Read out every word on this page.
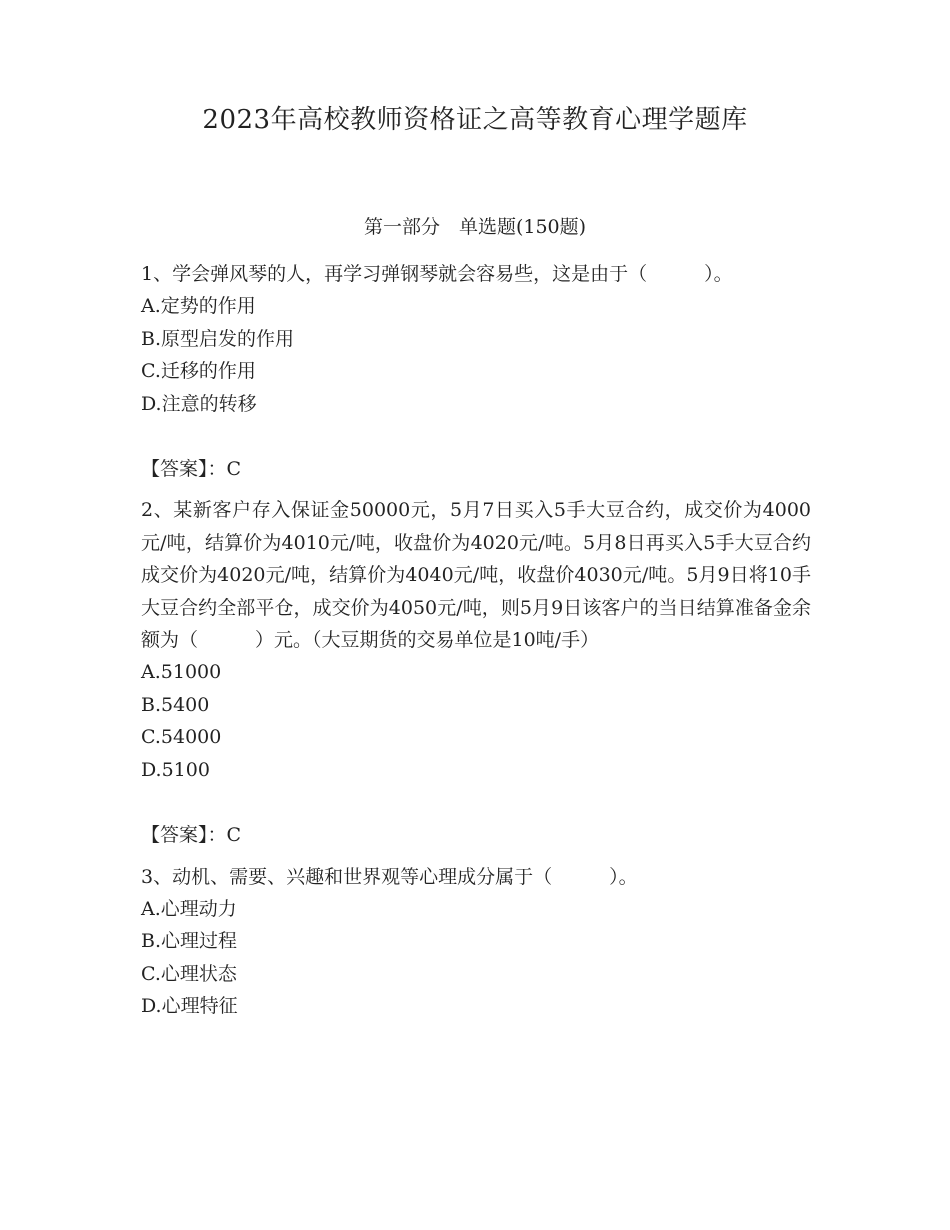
2023年高校教师资格证之高等教育心理学题库
第一部分　单选题(150题)

1、学会弹风琴的人，再学习弹钢琴就会容易些，这是由于（　　　）。

A.定势的作用

B.原型启发的作用

C.迁移的作用

D.注意的转移

【答案】：C

2、某新客户存入保证金50000元，5月7日买入5手大豆合约，成交价为4000元/吨，结算价为4010元/吨，收盘价为4020元/吨。5月8日再买入5手大豆合约成交价为4020元/吨，结算价为4040元/吨，收盘价4030元/吨。5月9日将10手大豆合约全部平仓，成交价为4050元/吨，则5月9日该客户的当日结算准备金余额为（　　　）元。（大豆期货的交易单位是10吨/手）

A.51000

B.5400

C.54000

D.5100

【答案】：C

3、动机、需要、兴趣和世界观等心理成分属于（　　　）。

A.心理动力

B.心理过程

C.心理状态

D.心理特征
